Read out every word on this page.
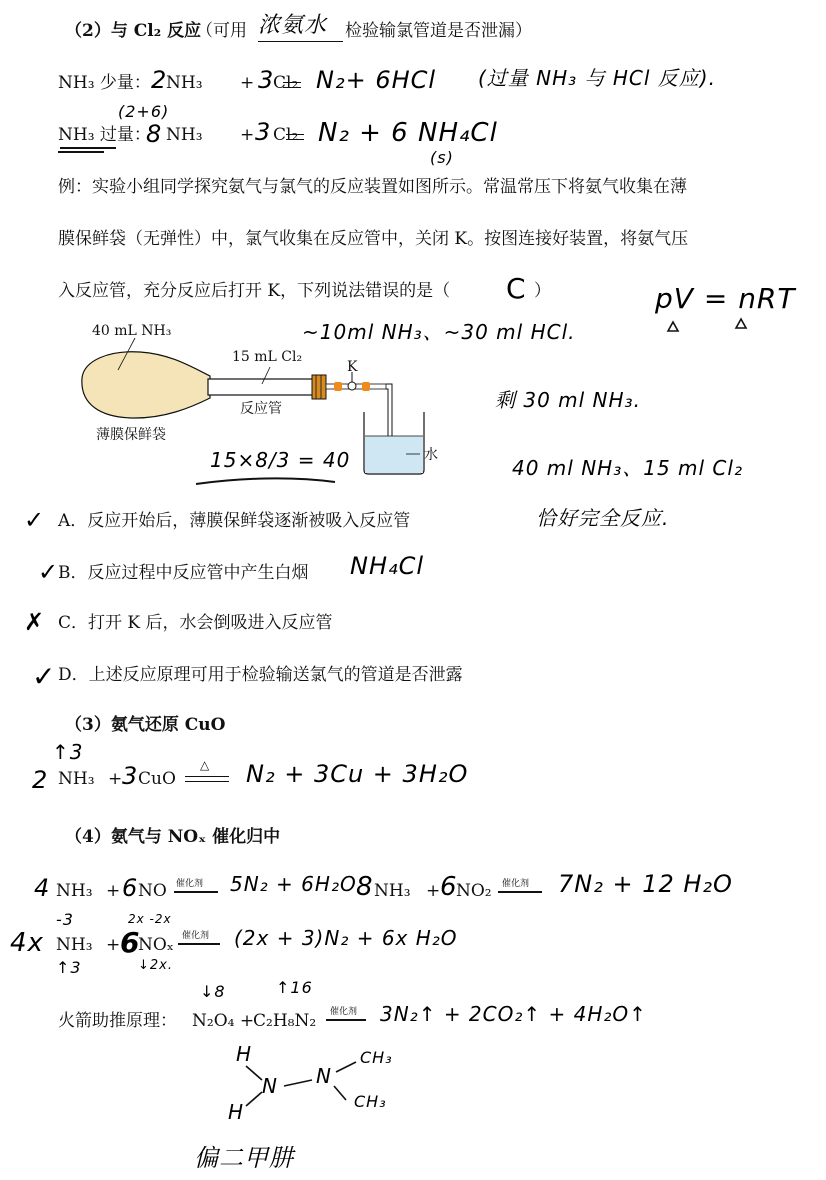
（2）与 Cl₂ 反应
（可用 浓氨水 检验输氯管道是否泄漏）
NH₃ 少量： 2
NH₃ + 3
Cl₂ N₂+ 6HCl (过量 NH₃ 与 HCl 反应).
(2+6)
NH₃ 过量：
8 NH₃ + 3 Cl₂ N₂ + 6 NH₄Cl
(s)
例：实验小组同学探究氨气与氯气的反应装置如图所示。常温常压下将氨气收集在薄
膜保鲜袋（无弹性）中，氯气收集在反应管中，关闭 K。按图连接好装置，将氨气压
入反应管，充分反应后打开 K，下列说法错误的是（ C ）
~10ml NH₃、~30 ml HCl.
pV = nRT
剩 30 ml NH₃.
40 ml NH₃、15 ml Cl₂
恰好完全反应.
40 mL NH₃
15 mL Cl₂
K
反应管
薄膜保鲜袋
水
15×8/3 = 40
✓ A．反应开始后，薄膜保鲜袋逐渐被吸入反应管
✓
B．反应过程中反应管中产生白烟 NH₄Cl
✗ C．打开 K 后，水会倒吸进入反应管
✓ D．上述反应原理可用于检验输送氯气的管道是否泄露
（3）氨气还原 CuO
↑3
2 NH₃ + 3 CuO
△ N₂ + 3Cu + 3H₂O
（4）氨气与 NOₓ 催化归中
4 NH₃ + 6 NO 催化剂 5N₂ + 6H₂O 8 NH₃ + 6
NO₂ 催化剂 7N₂ + 12 H₂O
-3	2x -2x
4x NH₃ + 6
NOₓ 催化剂 (2x + 3)N₂ + 6x H₂O
↑3	↓2x.
↓8	↑16
火箭助推原理： N₂O₄ +
C₂H₈N₂ 催化剂 3N₂↑ + 2CO₂↑ + 4H₂O↑
H
H
N N
CH₃
CH₃
偏二甲肼
